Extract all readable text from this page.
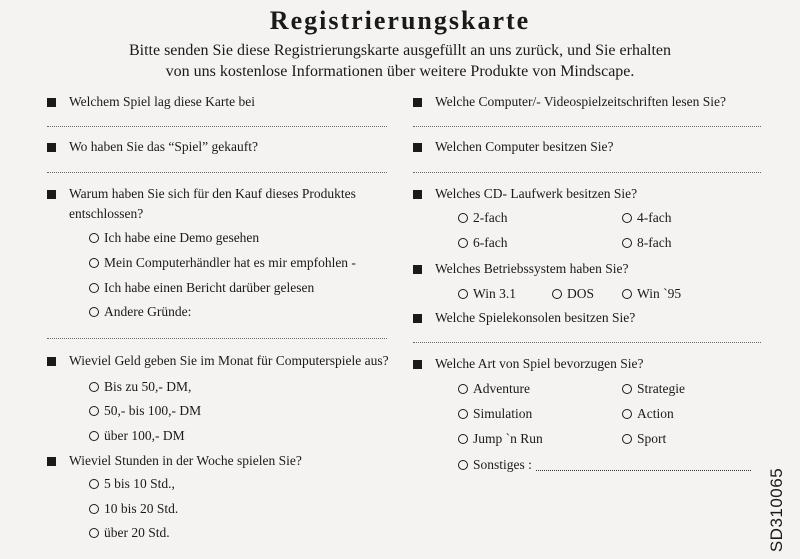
Registrierungskarte
Bitte senden Sie diese Registrierungskarte ausgefüllt an uns zurück, und Sie erhalten
von uns kostenlose Informationen über weitere Produkte von Mindscape.
Welchem Spiel lag diese Karte bei
Wo haben Sie das “Spiel” gekauft?
Warum haben Sie sich für den Kauf dieses Produktes
entschlossen?
Ich habe eine Demo gesehen
Mein Computerhändler hat es mir empfohlen -
Ich habe einen Bericht darüber gelesen
Andere Gründe:
Wieviel Geld geben Sie im Monat für Computerspiele aus?
Bis zu 50,- DM,
50,- bis 100,- DM
über 100,- DM
Wieviel Stunden in der Woche spielen Sie?
5 bis 10 Std.,
10 bis 20 Std.
über 20 Std.
Welche Computer/- Videospielzeitschriften lesen Sie?
Welchen Computer besitzen Sie?
Welches CD- Laufwerk besitzen Sie?
2-fach	4-fach
6-fach	8-fach
Welches Betriebssystem haben Sie?
Win 3.1	DOS	Win `95
Welche Spielekonsolen besitzen Sie?
Welche Art von Spiel bevorzugen Sie?
Adventure	Strategie
Simulation	Action
Jump `n Run	Sport
Sonstiges :
SD310065
